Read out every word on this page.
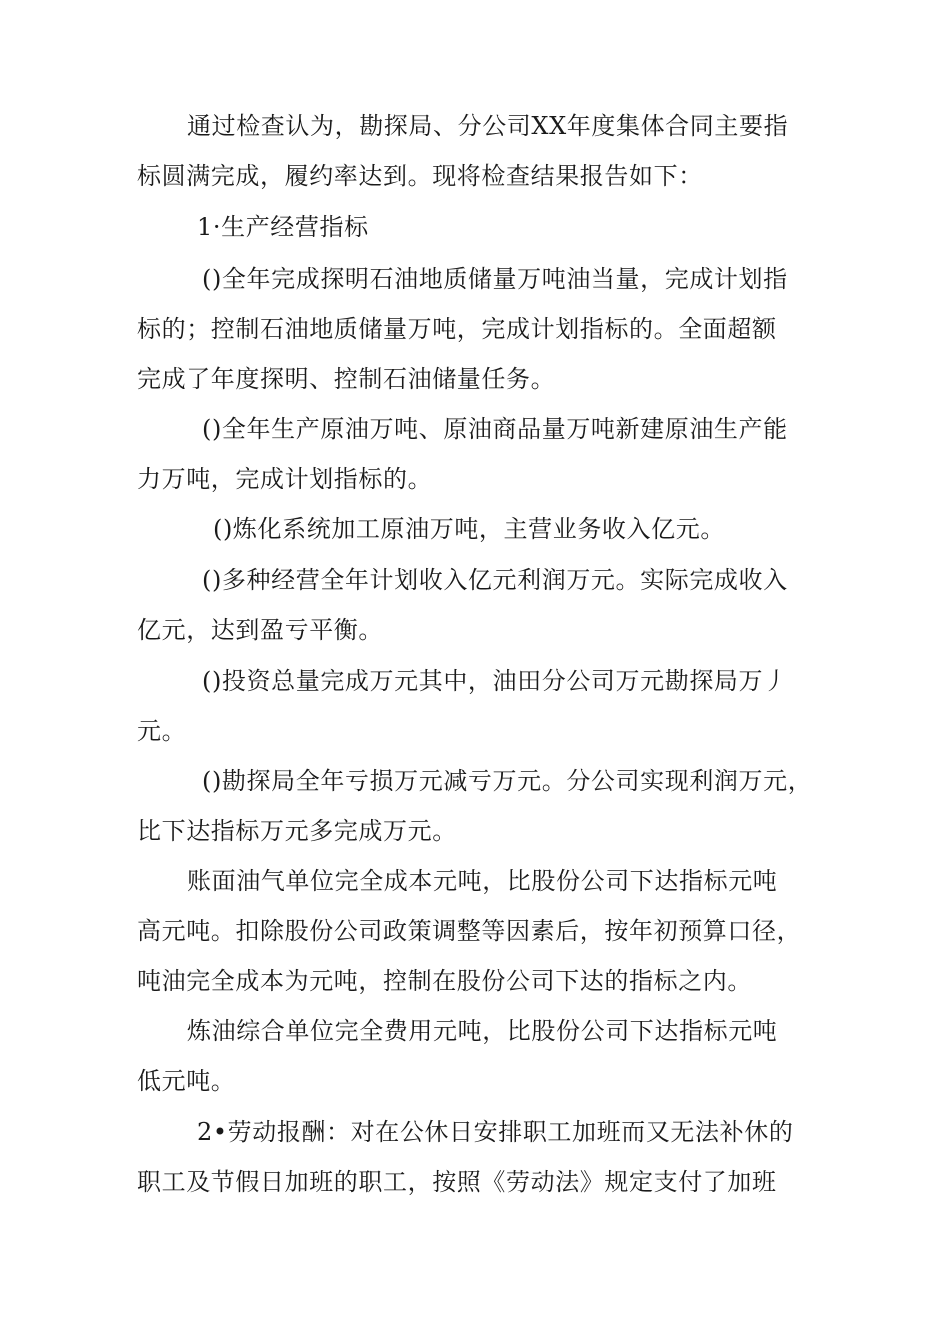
通过检查认为，勘探局、分公司XX年度集体合同主要指
标圆满完成，履约率达到。现将检查结果报告如下：
1·生产经营指标
()全年完成探明石油地质储量万吨油当量，完成计划指
标的；控制石油地质储量万吨，完成计划指标的。全面超额
完成了年度探明、控制石油储量任务。
()全年生产原油万吨、原油商品量万吨新建原油生产能
力万吨，完成计划指标的。
()炼化系统加工原油万吨，主营业务收入亿元。
()多种经营全年计划收入亿元利润万元。实际完成收入
亿元，达到盈亏平衡。
()投资总量完成万元其中，油田分公司万元勘探局万丿
元。
()勘探局全年亏损万元减亏万元。分公司实现利润万元，
比下达指标万元多完成万元。
账面油气单位完全成本元吨，比股份公司下达指标元吨
高元吨。扣除股份公司政策调整等因素后，按年初预算口径，
吨油完全成本为元吨，控制在股份公司下达的指标之内。
炼油综合单位完全费用元吨，比股份公司下达指标元吨
低元吨。
2•劳动报酬：对在公休日安排职工加班而又无法补休的
职工及节假日加班的职工，按照《劳动法》规定支付了加班
